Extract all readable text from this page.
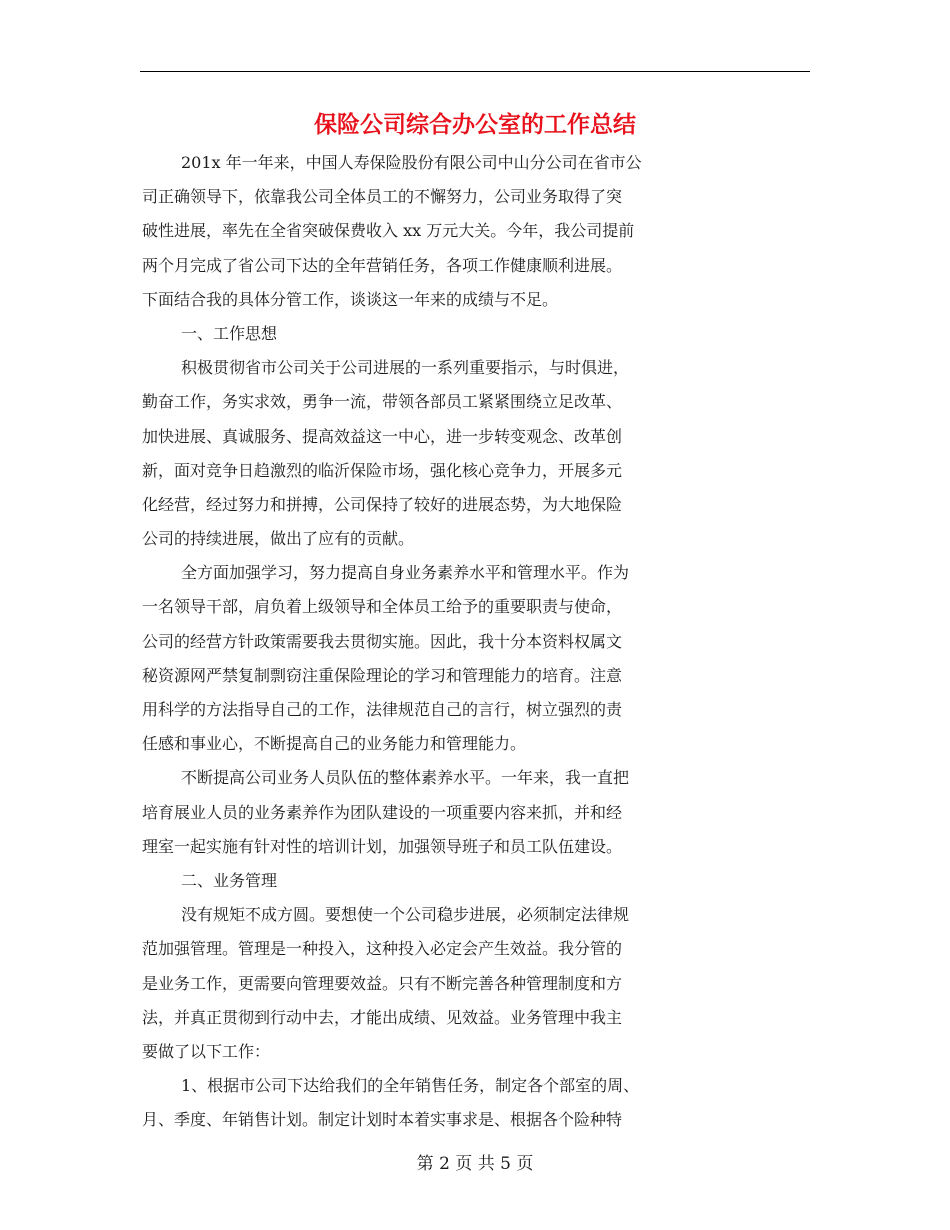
保险公司综合办公室的工作总结
201x 年一年来，中国人寿保险股份有限公司中山分公司在省市公
司正确领导下，依靠我公司全体员工的不懈努力，公司业务取得了突
破性进展，率先在全省突破保费收入 xx 万元大关。今年，我公司提前
两个月完成了省公司下达的全年营销任务，各项工作健康顺利进展。
下面结合我的具体分管工作，谈谈这一年来的成绩与不足。
一、工作思想
积极贯彻省市公司关于公司进展的一系列重要指示，与时俱进，
勤奋工作，务实求效，勇争一流，带领各部员工紧紧围绕立足改革、
加快进展、真诚服务、提高效益这一中心，进一步转变观念、改革创
新，面对竞争日趋激烈的临沂保险市场，强化核心竞争力，开展多元
化经营，经过努力和拼搏，公司保持了较好的进展态势，为大地保险
公司的持续进展，做出了应有的贡献。
全方面加强学习，努力提高自身业务素养水平和管理水平。作为
一名领导干部，肩负着上级领导和全体员工给予的重要职责与使命，
公司的经营方针政策需要我去贯彻实施。因此，我十分本资料权属文
秘资源网严禁复制剽窃注重保险理论的学习和管理能力的培育。注意
用科学的方法指导自己的工作，法律规范自己的言行，树立强烈的责
任感和事业心，不断提高自己的业务能力和管理能力。
不断提高公司业务人员队伍的整体素养水平。一年来，我一直把
培育展业人员的业务素养作为团队建设的一项重要内容来抓，并和经
理室一起实施有针对性的培训计划，加强领导班子和员工队伍建设。
二、业务管理
没有规矩不成方圆。要想使一个公司稳步进展，必须制定法律规
范加强管理。管理是一种投入，这种投入必定会产生效益。我分管的
是业务工作，更需要向管理要效益。只有不断完善各种管理制度和方
法，并真正贯彻到行动中去，才能出成绩、见效益。业务管理中我主
要做了以下工作：
1、根据市公司下达给我们的全年销售任务，制定各个部室的周、
月、季度、年销售计划。制定计划时本着实事求是、根据各个险种特
第 2 页 共 5 页
